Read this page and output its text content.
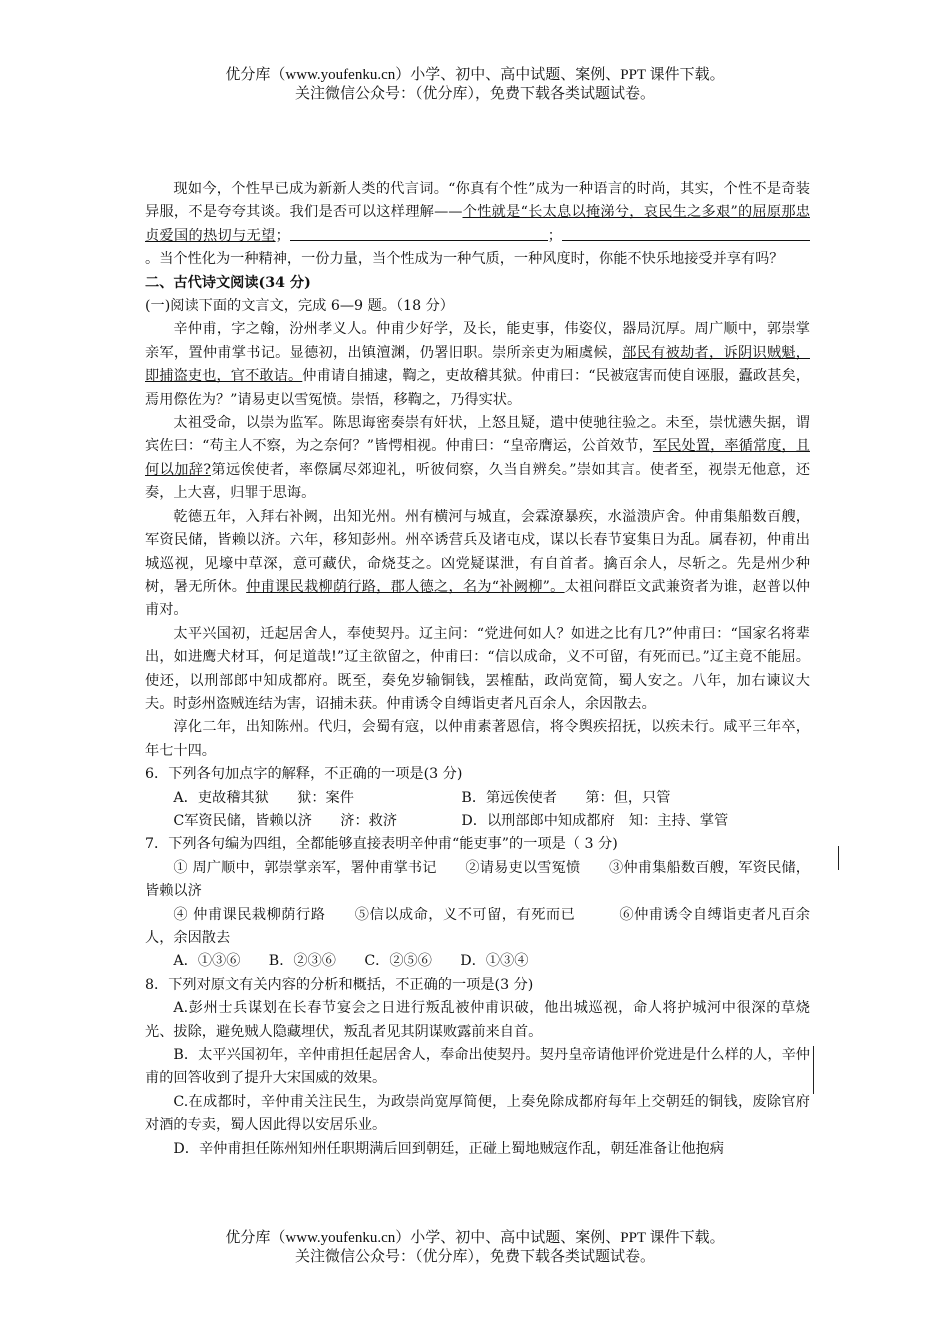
优分库（www.youfenku.cn）小学、初中、高中试题、案例、PPT 课件下载。
关注微信公众号：（优分库），免费下载各类试题试卷。
现如今，个性早已成为新新人类的代言词。“你真有个性”成为一种语言的时尚，其实，个性不是奇装异服，不是夸夸其谈。我们是否可以这样理解——个性就是“长太息以掩涕兮，哀民生之多艰”的屈原那忠贞爱国的热切与无望；	；。当个性化为一种精神，一份力量，当个性成为一种气质，一种风度时，你能不快乐地接受并享有吗？
二、古代诗文阅读(34 分)
(一)阅读下面的文言文，完成 6—9 题。（18 分）
辛仲甫，字之翰，汾州孝义人。仲甫少好学，及长，能吏事，伟姿仪，器局沉厚。周广顺中，郭崇掌亲军，置仲甫掌书记。显德初，出镇澶渊，仍署旧职。崇所亲吏为厢虞候，部民有被劫者，诉阴识贼魁，即捕盗吏也，官不敢诘。仲甫请自捕逮，鞫之，吏故稽其狱。仲甫曰：“民被寇害而使自诬服，蠹政甚矣，焉用傺佐为？”请易吏以雪冤愤。崇悟，移鞫之，乃得实状。
太祖受命，以崇为监军。陈思诲密奏崇有奸状，上怒且疑，遣中使驰往验之。未至，崇忧懑失据，谓宾佐曰：“苟主人不察，为之奈何？”皆愕相视。仲甫曰：“皇帝膺运，公首效节，军民处置，率循常度，且何以加辞?第远俟使者，率傺属尽郊迎礼，听彼伺察，久当自辨矣。”崇如其言。使者至，视崇无他意，还奏，上大喜，归罪于思诲。
乾德五年，入拜右补阙，出知光州。州有横河与城直，会霖潦暴疾，水溢溃庐舍。仲甫集船数百艘，军资民储，皆赖以济。六年，移知彭州。州卒诱营兵及诸屯戍，谋以长春节宴集日为乱。属春初，仲甫出城巡视，见壕中草深，意可藏伏，命烧芟之。凶党疑谋泄，有自首者。擒百余人，尽斩之。先是州少种树，暑无所休。仲甫课民栽柳荫行路，郡人德之，名为“补阙柳”。太祖问群臣文武兼资者为谁，赵普以仲甫对。
太平兴国初，迁起居舍人，奉使契丹。辽主问：“党进何如人？如进之比有几?”仲甫曰：“国家名将辈出，如进鹰犬材耳，何足道哉!”辽主欲留之，仲甫曰：“信以成命，义不可留，有死而已。”辽主竟不能屈。使还，以刑部郎中知成都府。既至，奏免岁输铜钱，罢榷酤，政尚宽简，蜀人安之。八年，加右谏议大夫。时彭州盗贼连结为害，诏捕未获。仲甫诱令自缚诣吏者凡百余人，余因散去。
淳化二年，出知陈州。代归，会蜀有寇，以仲甫素著恩信，将令舆疾招抚，以疾未行。咸平三年卒，年七十四。
6．下列各句加点字的解释，不正确的一项是(3 分)
A．吏故稽其狱　　狱：案件	B．第远俟使者　　第：但，只管
C军资民储，皆赖以济　　济：救济	D．以刑部郎中知成都府　知：主持、掌管
7．下列各句编为四组，全都能够直接表明辛仲甫“能吏事”的一项是（ 3 分)
① 周广顺中，郭崇掌亲军，署仲甫掌书记　　②请易吏以雪冤愤　　③仲甫集船数百艘，军资民储，皆赖以济
④ 仲甫课民栽柳荫行路　　⑤信以成命，义不可留，有死而已　　　⑥仲甫诱令自缚诣吏者凡百余人，余因散去
A．①③⑥　　B．②③⑥　　C．②⑤⑥　　D．①③④
8．下列对原文有关内容的分析和概括，不正确的一项是(3 分)
A.彭州士兵谋划在长春节宴会之日进行叛乱被仲甫识破，他出城巡视，命人将护城河中很深的草烧光、拔除，避免贼人隐藏埋伏，叛乱者见其阴谋败露前来自首。
B．太平兴国初年，辛仲甫担任起居舍人，奉命出使契丹。契丹皇帝请他评价党进是什么样的人，辛仲甫的回答收到了提升大宋国威的效果。
C.在成都时，辛仲甫关注民生，为政崇尚宽厚简便，上奏免除成都府每年上交朝廷的铜钱，废除官府对酒的专卖，蜀人因此得以安居乐业。
D．辛仲甫担任陈州知州任职期满后回到朝廷，正碰上蜀地贼寇作乱，朝廷准备让他抱病
优分库（www.youfenku.cn）小学、初中、高中试题、案例、PPT 课件下载。
关注微信公众号：（优分库），免费下载各类试题试卷。
